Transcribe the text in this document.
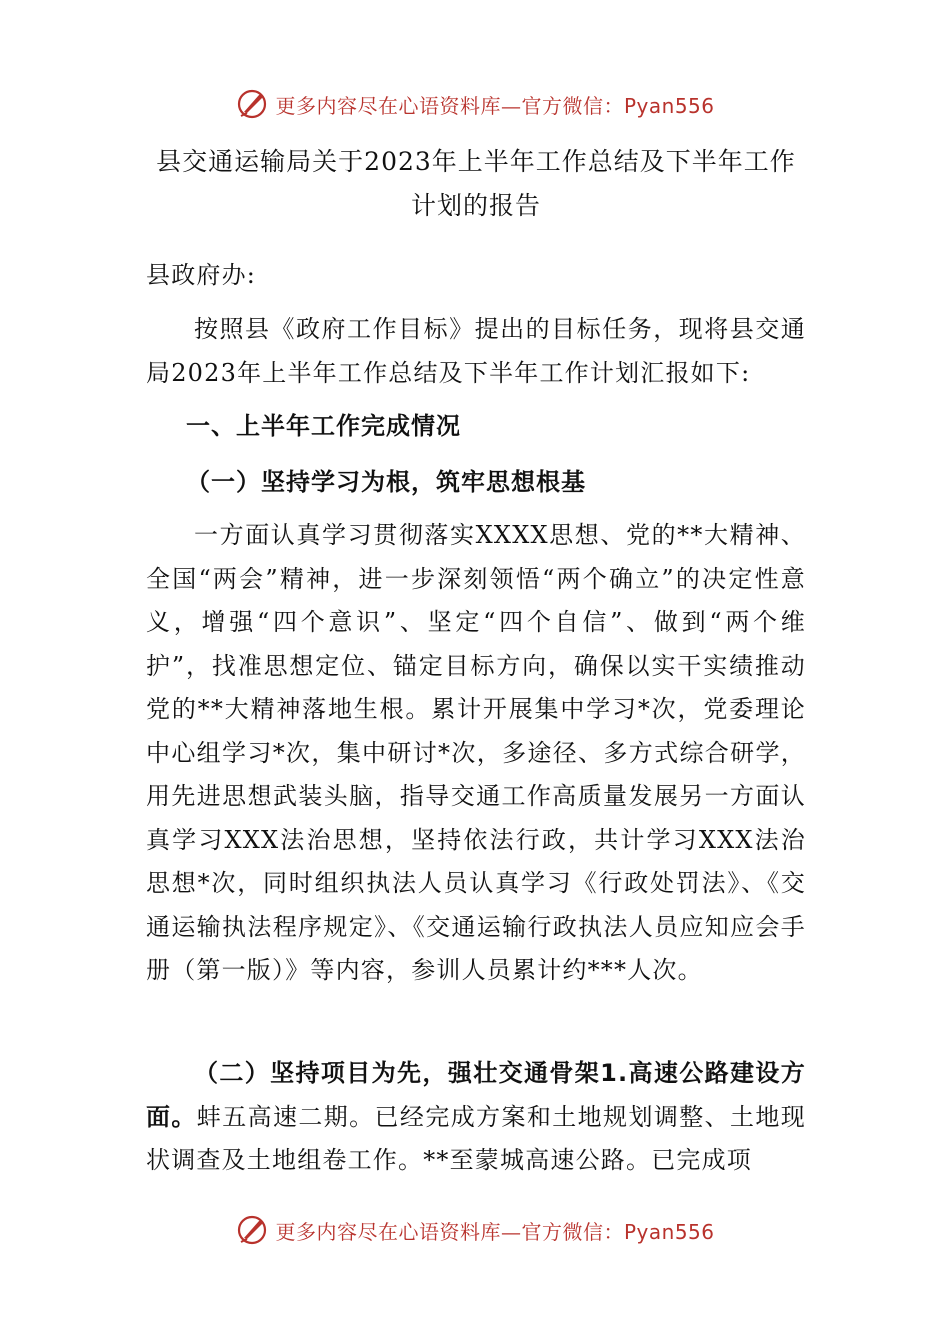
更多内容尽在心语资料库—官方微信：Pyan556
县交通运输局关于2023年上半年工作总结及下半年工作计划的报告
县政府办:
按照县《政府工作目标》提出的目标任务，现将县交通局2023年上半年工作总结及下半年工作计划汇报如下:
一、上半年工作完成情况
（一）坚持学习为根，筑牢思想根基
一方面认真学习贯彻落实XXXX思想、党的**大精神、全国“两会”精神，进一步深刻领悟“两个确立”的决定性意义，增强“四个意识”、坚定“四个自信”、做到“两个维护”，找准思想定位、锚定目标方向，确保以实干实绩推动党的**大精神落地生根。累计开展集中学习*次，党委理论中心组学习*次，集中研讨*次，多途径、多方式综合研学，用先进思想武装头脑，指导交通工作高质量发展另一方面认真学习XXX法治思想，坚持依法行政，共计学习XXX法治思想*次，同时组织执法人员认真学习《行政处罚法》、《交通运输执法程序规定》、《交通运输行政执法人员应知应会手册（第一版）》等内容，参训人员累计约***人次。
（二）坚持项目为先，强壮交通骨架1.高速公路建设方面。蚌五高速二期。已经完成方案和土地规划调整、土地现状调查及土地组卷工作。**至蒙城高速公路。已完成项
更多内容尽在心语资料库—官方微信：Pyan556
